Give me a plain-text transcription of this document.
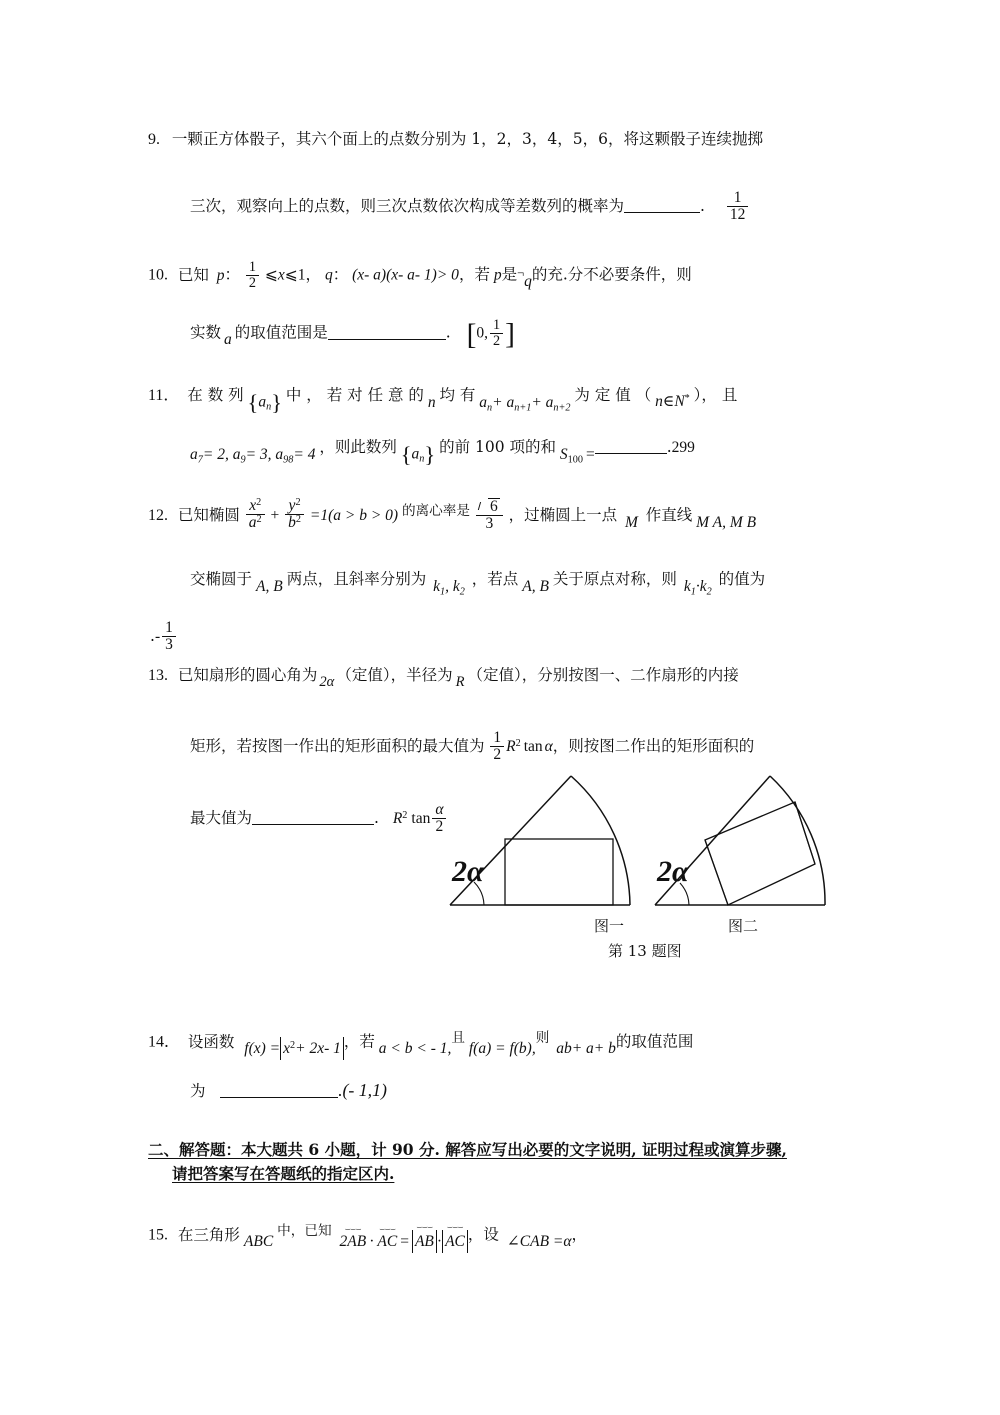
9. 一颗正方体骰子，其六个面上的点数分别为 1，2，3，4，5，6，将这颗骰子连续抛掷
三次，观察向上的点数，则三次点数依次构成等差数列的概率为	. $\frac{1}{12}$
10. 已知 p： $\frac{1}{2}$ ⩽x⩽1， q： (x- a)(x- a- 1)> 0，若 p是¬q的充.分不必要条件，则
实数 a 的取值范围是	. [0, $\frac{1}{2}$ ]
11． 在 数 列 $\{a_n\}$ 中 ， 若 对 任 意 的 n 均 有 $a_n+ a_{n+1}+ a_{n+2}$ 为 定 值 （ n∈N* ）， 且
$a_7= 2$, $a_9= 3$, $a_{98}= 4$ ，则此数列 $\{a_n\}$ 的前 100 项的和 $S_{100}$ =	.299
12. 已知椭圆 $\frac{x^2}{a^2} + \frac{y^2}{b^2} =1(a > b > 0)$ 的离心率是 $\frac{6}{3}$ ，过椭圆上一点 M 作直线 M A, M B
交椭圆于 A, B 两点，且斜率分别为 $k_1$, $k_2$ ，若点 A, B 关于原点对称，则 $k_1\cdot k_2$ 的值为
.- $\frac{1}{3}$
13. 已知扇形的圆心角为 2α （定值），半径为 R （定值），分别按图一、二作扇形的内接
矩形，若按图一作出的矩形面积的最大值为 $\frac{1}{2} R^2$ tan α，则按图二作出的矩形面积的
最大值为	. $R^2$ $\tan \frac{\alpha}{2}$
2α	2α
图一	图二
第 13 题图
14． 设函数 $f(x) = x^2+ 2x-$ 1 ，若 a < b < - 1,且 f(a) = f(b),则 ab+ a+ b的取值范围
为	.(- 1,1)
二、解答题：本大题共 6 小题，计 90 分. 解答应写出必要的文字说明, 证明过程或演算步骤,
请把答案写在答题纸的指定区内.
15. 在三角形 ABC中，已知	⌣⌣⌣
2AB ·
⌣⌣⌣
AC =
⌣⌣⌣
AB ·
⌣⌣⌣
AC ，设 ∠CAB =α，
